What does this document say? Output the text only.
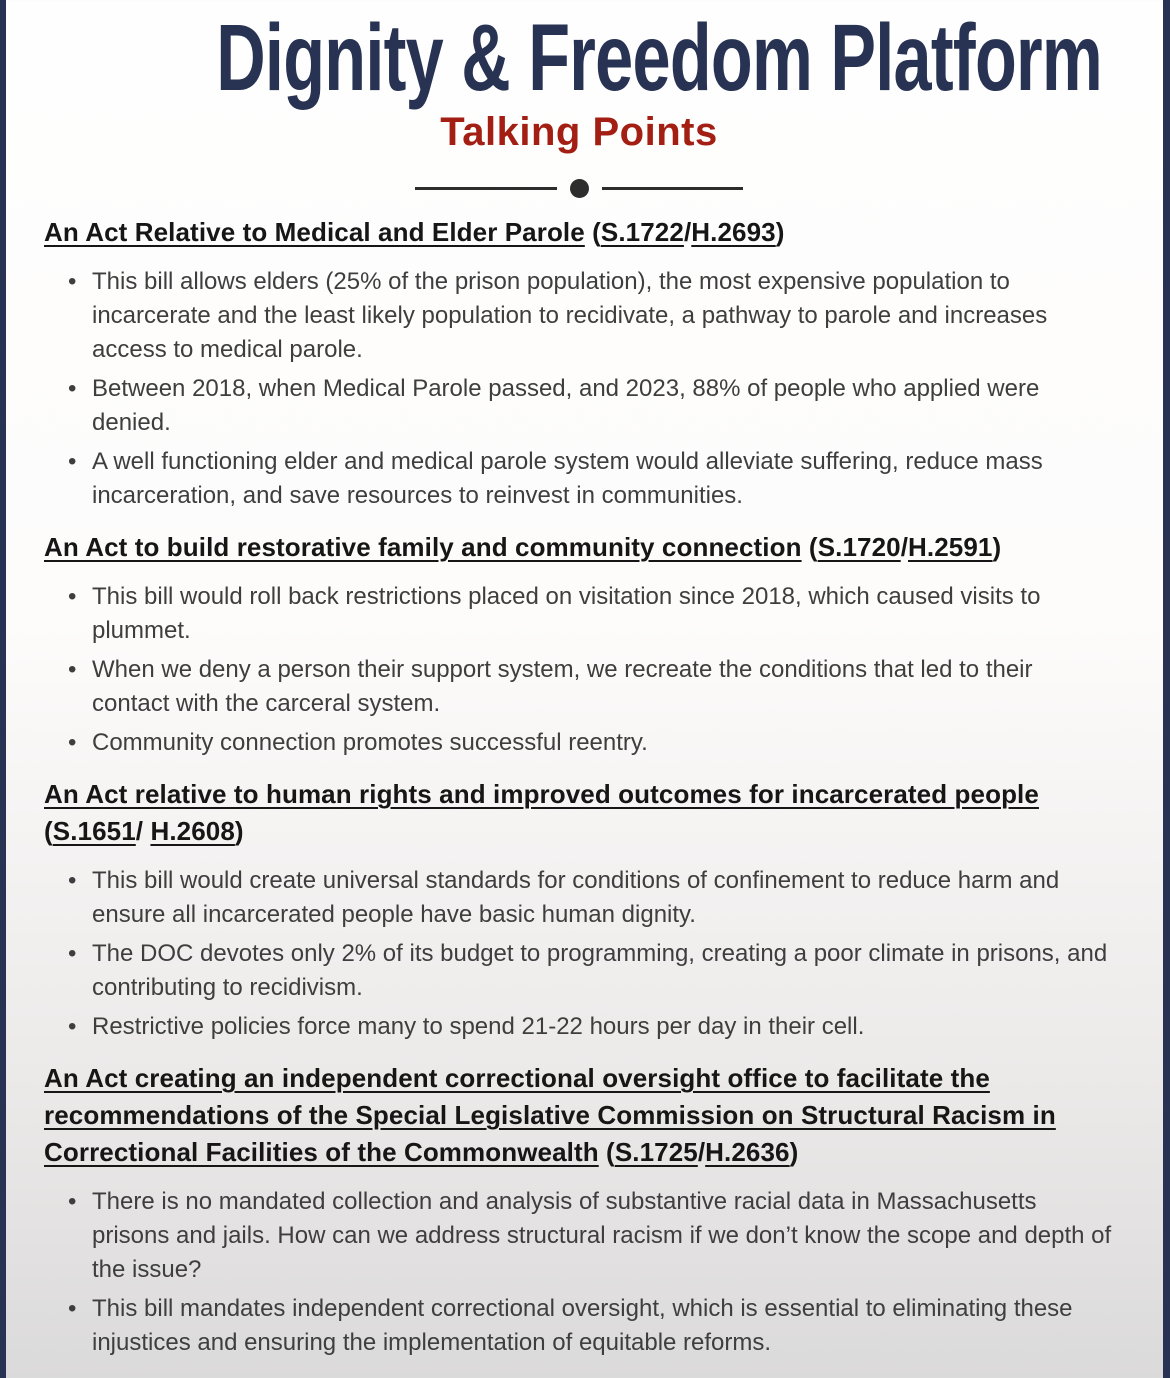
Dignity & Freedom Platform
Talking Points
An Act Relative to Medical and Elder Parole (S.1722/H.2693)
• This bill allows elders (25% of the prison population), the most expensive population to incarcerate and the least likely population to recidivate, a pathway to parole and increases access to medical parole.
• Between 2018, when Medical Parole passed, and 2023, 88% of people who applied were denied.
• A well functioning elder and medical parole system would alleviate suffering, reduce mass incarceration, and save resources to reinvest in communities.
An Act to build restorative family and community connection (S.1720/H.2591)
• This bill would roll back restrictions placed on visitation since 2018, which caused visits to plummet.
• When we deny a person their support system, we recreate the conditions that led to their contact with the carceral system.
• Community connection promotes successful reentry.
An Act relative to human rights and improved outcomes for incarcerated people (S.1651/ H.2608)
• This bill would create universal standards for conditions of confinement to reduce harm and ensure all incarcerated people have basic human dignity.
• The DOC devotes only 2% of its budget to programming, creating a poor climate in prisons, and contributing to recidivism.
• Restrictive policies force many to spend 21-22 hours per day in their cell.
An Act creating an independent correctional oversight office to facilitate the recommendations of the Special Legislative Commission on Structural Racism in Correctional Facilities of the Commonwealth (S.1725/H.2636)
• There is no mandated collection and analysis of substantive racial data in Massachusetts prisons and jails. How can we address structural racism if we don’t know the scope and depth of the issue?
• This bill mandates independent correctional oversight, which is essential to eliminating these injustices and ensuring the implementation of equitable reforms.
